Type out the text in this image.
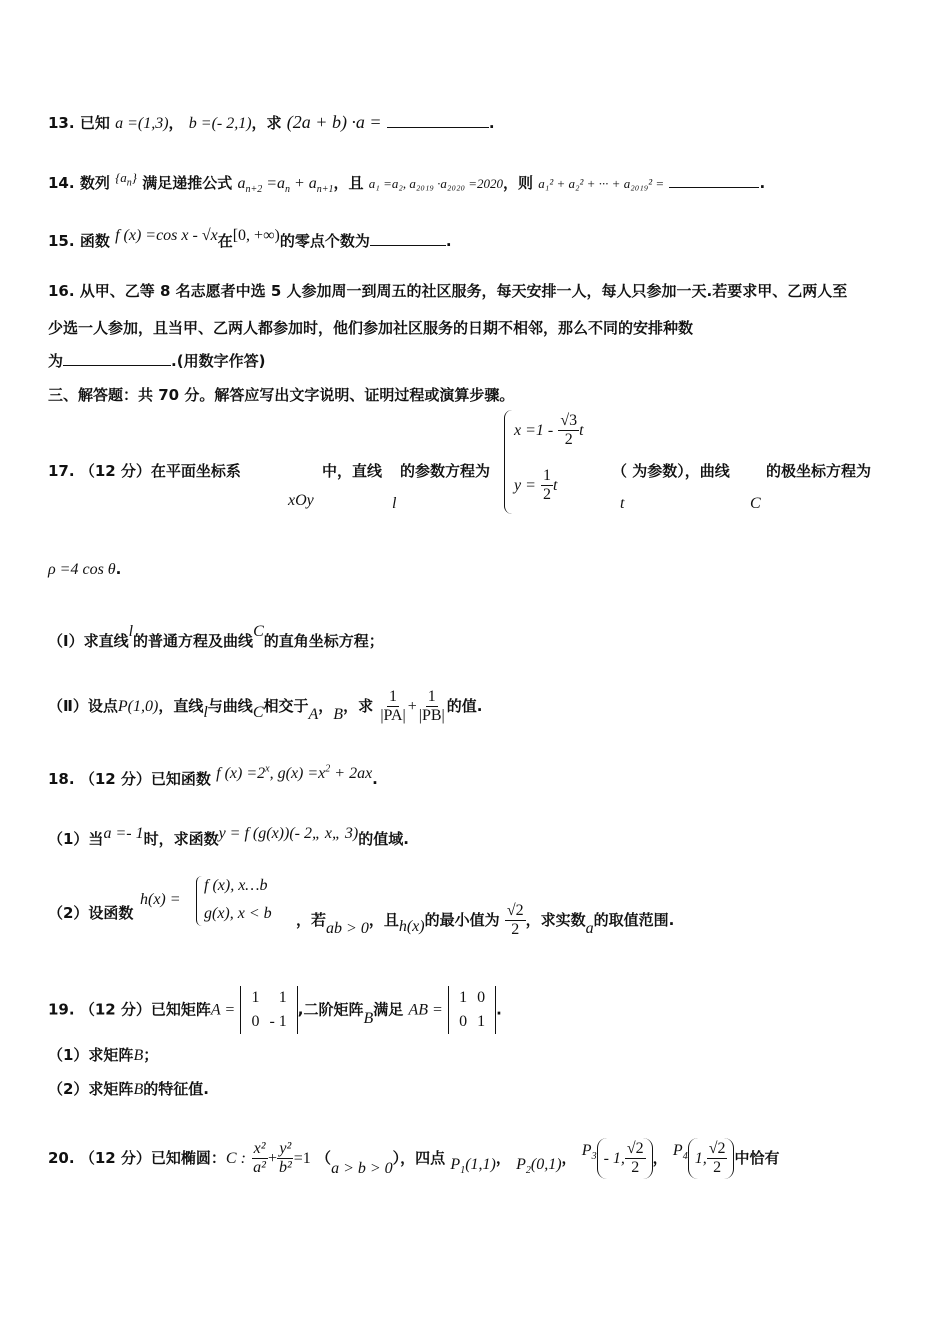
13. 已知 a =(1,3)， b =(- 2,1)，求 (2a + b) ·a =	.
14. 数列 $\{a_n\}$ 满足递推公式 $a_{n+2} =a_n + a_{n+1}$，且 a₁ =a₂, a₂₀₁₉ ·a₂₀₂₀ =2020，则 a₁² + a₂² + ··· + a₂₀₁₉² =	.
15. 函数 f (x) =cos x - √x在[0, +∞)的零点个数为	.
16. 从甲、乙等 8 名志愿者中选 5 人参加周一到周五的社区服务，每天安排一人，每人只参加一天.若要求甲、乙两人至
少选一人参加，且当甲、乙两人都参加时，他们参加社区服务的日期不相邻，那么不同的安排种数
为	.(用数字作答)
三、解答题：共 70 分。解答应写出文字说明、证明过程或演算步骤。
17. （12 分）在平面坐标系	中，直线 的参数方程为	（ 为参数），曲线 的极坐标方程为
xOy	l	t	C
$x =1 - \frac{√3}{2}$ t
$y = \frac{1}{2}$ t
ρ =4 cos θ.
（Ⅰ）求直线l的普通方程及曲线C的直角坐标方程；
（Ⅱ）设点P(1,0)，直线l与曲线C相交于A，B，求 $\frac{1}{|PA|} + \frac{1}{|PB|}$ 的值.
18. （12 分）已知函数 f $(x) =2^x$, $g(x) =x^2 + 2ax$.
（1）当a =- 1时，求函数y = f (g(x))(- 2„ x„ 3)的值域.
（2）设函数
h(x) =
f (x), x…b
g(x), x < b ，若ab > 0，且h(x)的最小值为 $\frac{√2}{2}$ ，求实数a的取值范围.
19. （12 分）已知矩阵A =
1	1
0	- 1
,二阶矩阵B满足 AB =
1	0
0	1
.
（1）求矩阵B；
（2）求矩阵B的特征值.
20. （12 分）已知椭圆：C : $\frac{\text{x²}}{\text{a²}} + \frac{\text{y²}}{\text{b²}} =1$ （a > b > 0），四点 $P_1(1,1)$， $P_2(0,1)$， $P_3 - 1$, $\frac{√2}{2}$ ， $P_4$ 1, $\frac{√2}{2}$ 中恰有
